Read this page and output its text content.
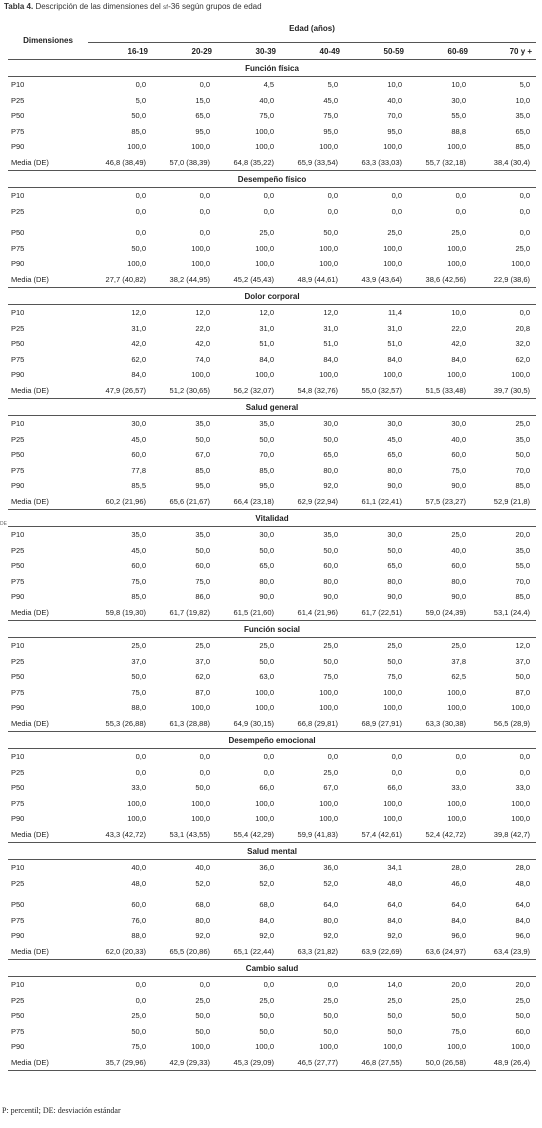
Tabla 4. Descripción de las dimensiones del sf-36 según grupos de edad
DE
Dimensiones	Edad (años)						
	16-19	20-29	30-39	40-49	50-59	60-69	70 y +
Función física							
P10	0,0	0,0	4,5	5,0	10,0	10,0	5,0
P25	5,0	15,0	40,0	45,0	40,0	30,0	10,0
P50	50,0	65,0	75,0	75,0	70,0	55,0	35,0
P75	85,0	95,0	100,0	95,0	95,0	88,8	65,0
P90	100,0	100,0	100,0	100,0	100,0	100,0	85,0
Media (DE)	46,8 (38,49)	57,0 (38,39)	64,8 (35,22)	65,9 (33,54)	63,3 (33,03)	55,7 (32,18)	38,4 (30,4)
Desempeño físico							
P10	0,0	0,0	0,0	0,0	0,0	0,0	0,0
P25	0,0	0,0	0,0	0,0	0,0	0,0	0,0

P50	0,0	0,0	25,0	50,0	25,0	25,0	0,0
P75	50,0	100,0	100,0	100,0	100,0	100,0	25,0
P90	100,0	100,0	100,0	100,0	100,0	100,0	100,0
Media (DE)	27,7 (40,82)	38,2 (44,95)	45,2 (45,43)	48,9 (44,61)	43,9 (43,64)	38,6 (42,56)	22,9 (38,6)
Dolor corporal							
P10	12,0	12,0	12,0	12,0	11,4	10,0	0,0
P25	31,0	22,0	31,0	31,0	31,0	22,0	20,8
P50	42,0	42,0	51,0	51,0	51,0	42,0	32,0
P75	62,0	74,0	84,0	84,0	84,0	84,0	62,0
P90	84,0	100,0	100,0	100,0	100,0	100,0	100,0
Media (DE)	47,9 (26,57)	51,2 (30,65)	56,2 (32,07)	54,8 (32,76)	55,0 (32,57)	51,5 (33,48)	39,7 (30,5)
Salud general							
P10	30,0	35,0	35,0	30,0	30,0	30,0	25,0
P25	45,0	50,0	50,0	50,0	45,0	40,0	35,0
P50	60,0	67,0	70,0	65,0	65,0	60,0	50,0
P75	77,8	85,0	85,0	80,0	80,0	75,0	70,0
P90	85,5	95,0	95,0	92,0	90,0	90,0	85,0
Media (DE)	60,2 (21,96)	65,6 (21,67)	66,4 (23,18)	62,9 (22,94)	61,1 (22,41)	57,5 (23,27)	52,9 (21,8)
Vitalidad							
P10	35,0	35,0	30,0	35,0	30,0	25,0	20,0
P25	45,0	50,0	50,0	50,0	50,0	40,0	35,0
P50	60,0	60,0	65,0	60,0	65,0	60,0	55,0
P75	75,0	75,0	80,0	80,0	80,0	80,0	70,0
P90	85,0	86,0	90,0	90,0	90,0	90,0	85,0
Media (DE)	59,8 (19,30)	61,7 (19,82)	61,5 (21,60)	61,4 (21,96)	61,7 (22,51)	59,0 (24,39)	53,1 (24,4)
Función social							
P10	25,0	25,0	25,0	25,0	25,0	25,0	12,0
P25	37,0	37,0	50,0	50,0	50,0	37,8	37,0
P50	50,0	62,0	63,0	75,0	75,0	62,5	50,0
P75	75,0	87,0	100,0	100,0	100,0	100,0	87,0
P90	88,0	100,0	100,0	100,0	100,0	100,0	100,0
Media (DE)	55,3 (26,88)	61,3 (28,88)	64,9 (30,15)	66,8 (29,81)	68,9 (27,91)	63,3 (30,38)	56,5 (28,9)
Desempeño emocional							
P10	0,0	0,0	0,0	0,0	0,0	0,0	0,0
P25	0,0	0,0	0,0	25,0	0,0	0,0	0,0
P50	33,0	50,0	66,0	67,0	66,0	33,0	33,0
P75	100,0	100,0	100,0	100,0	100,0	100,0	100,0
P90	100,0	100,0	100,0	100,0	100,0	100,0	100,0
Media (DE)	43,3 (42,72)	53,1 (43,55)	55,4 (42,29)	59,9 (41,83)	57,4 (42,61)	52,4 (42,72)	39,8 (42,7)
Salud mental							
P10	40,0	40,0	36,0	36,0	34,1	28,0	28,0
P25	48,0	52,0	52,0	52,0	48,0	46,0	48,0

P50	60,0	68,0	68,0	64,0	64,0	64,0	64,0
P75	76,0	80,0	84,0	80,0	84,0	84,0	84,0
P90	88,0	92,0	92,0	92,0	92,0	96,0	96,0
Media (DE)	62,0 (20,33)	65,5 (20,86)	65,1 (22,44)	63,3 (21,82)	63,9 (22,69)	63,6 (24,97)	63,4 (23,9)
Cambio salud							
P10	0,0	0,0	0,0	0,0	14,0	20,0	20,0
P25	0,0	25,0	25,0	25,0	25,0	25,0	25,0
P50	25,0	50,0	50,0	50,0	50,0	50,0	50,0
P75	50,0	50,0	50,0	50,0	50,0	75,0	60,0
P90	75,0	100,0	100,0	100,0	100,0	100,0	100,0
Media (DE)	35,7 (29,96)	42,9 (29,33)	45,3 (29,09)	46,5 (27,77)	46,8 (27,55)	50,0 (26,58)	48,9 (26,4)
P: percentil; DE: desviación estándar
